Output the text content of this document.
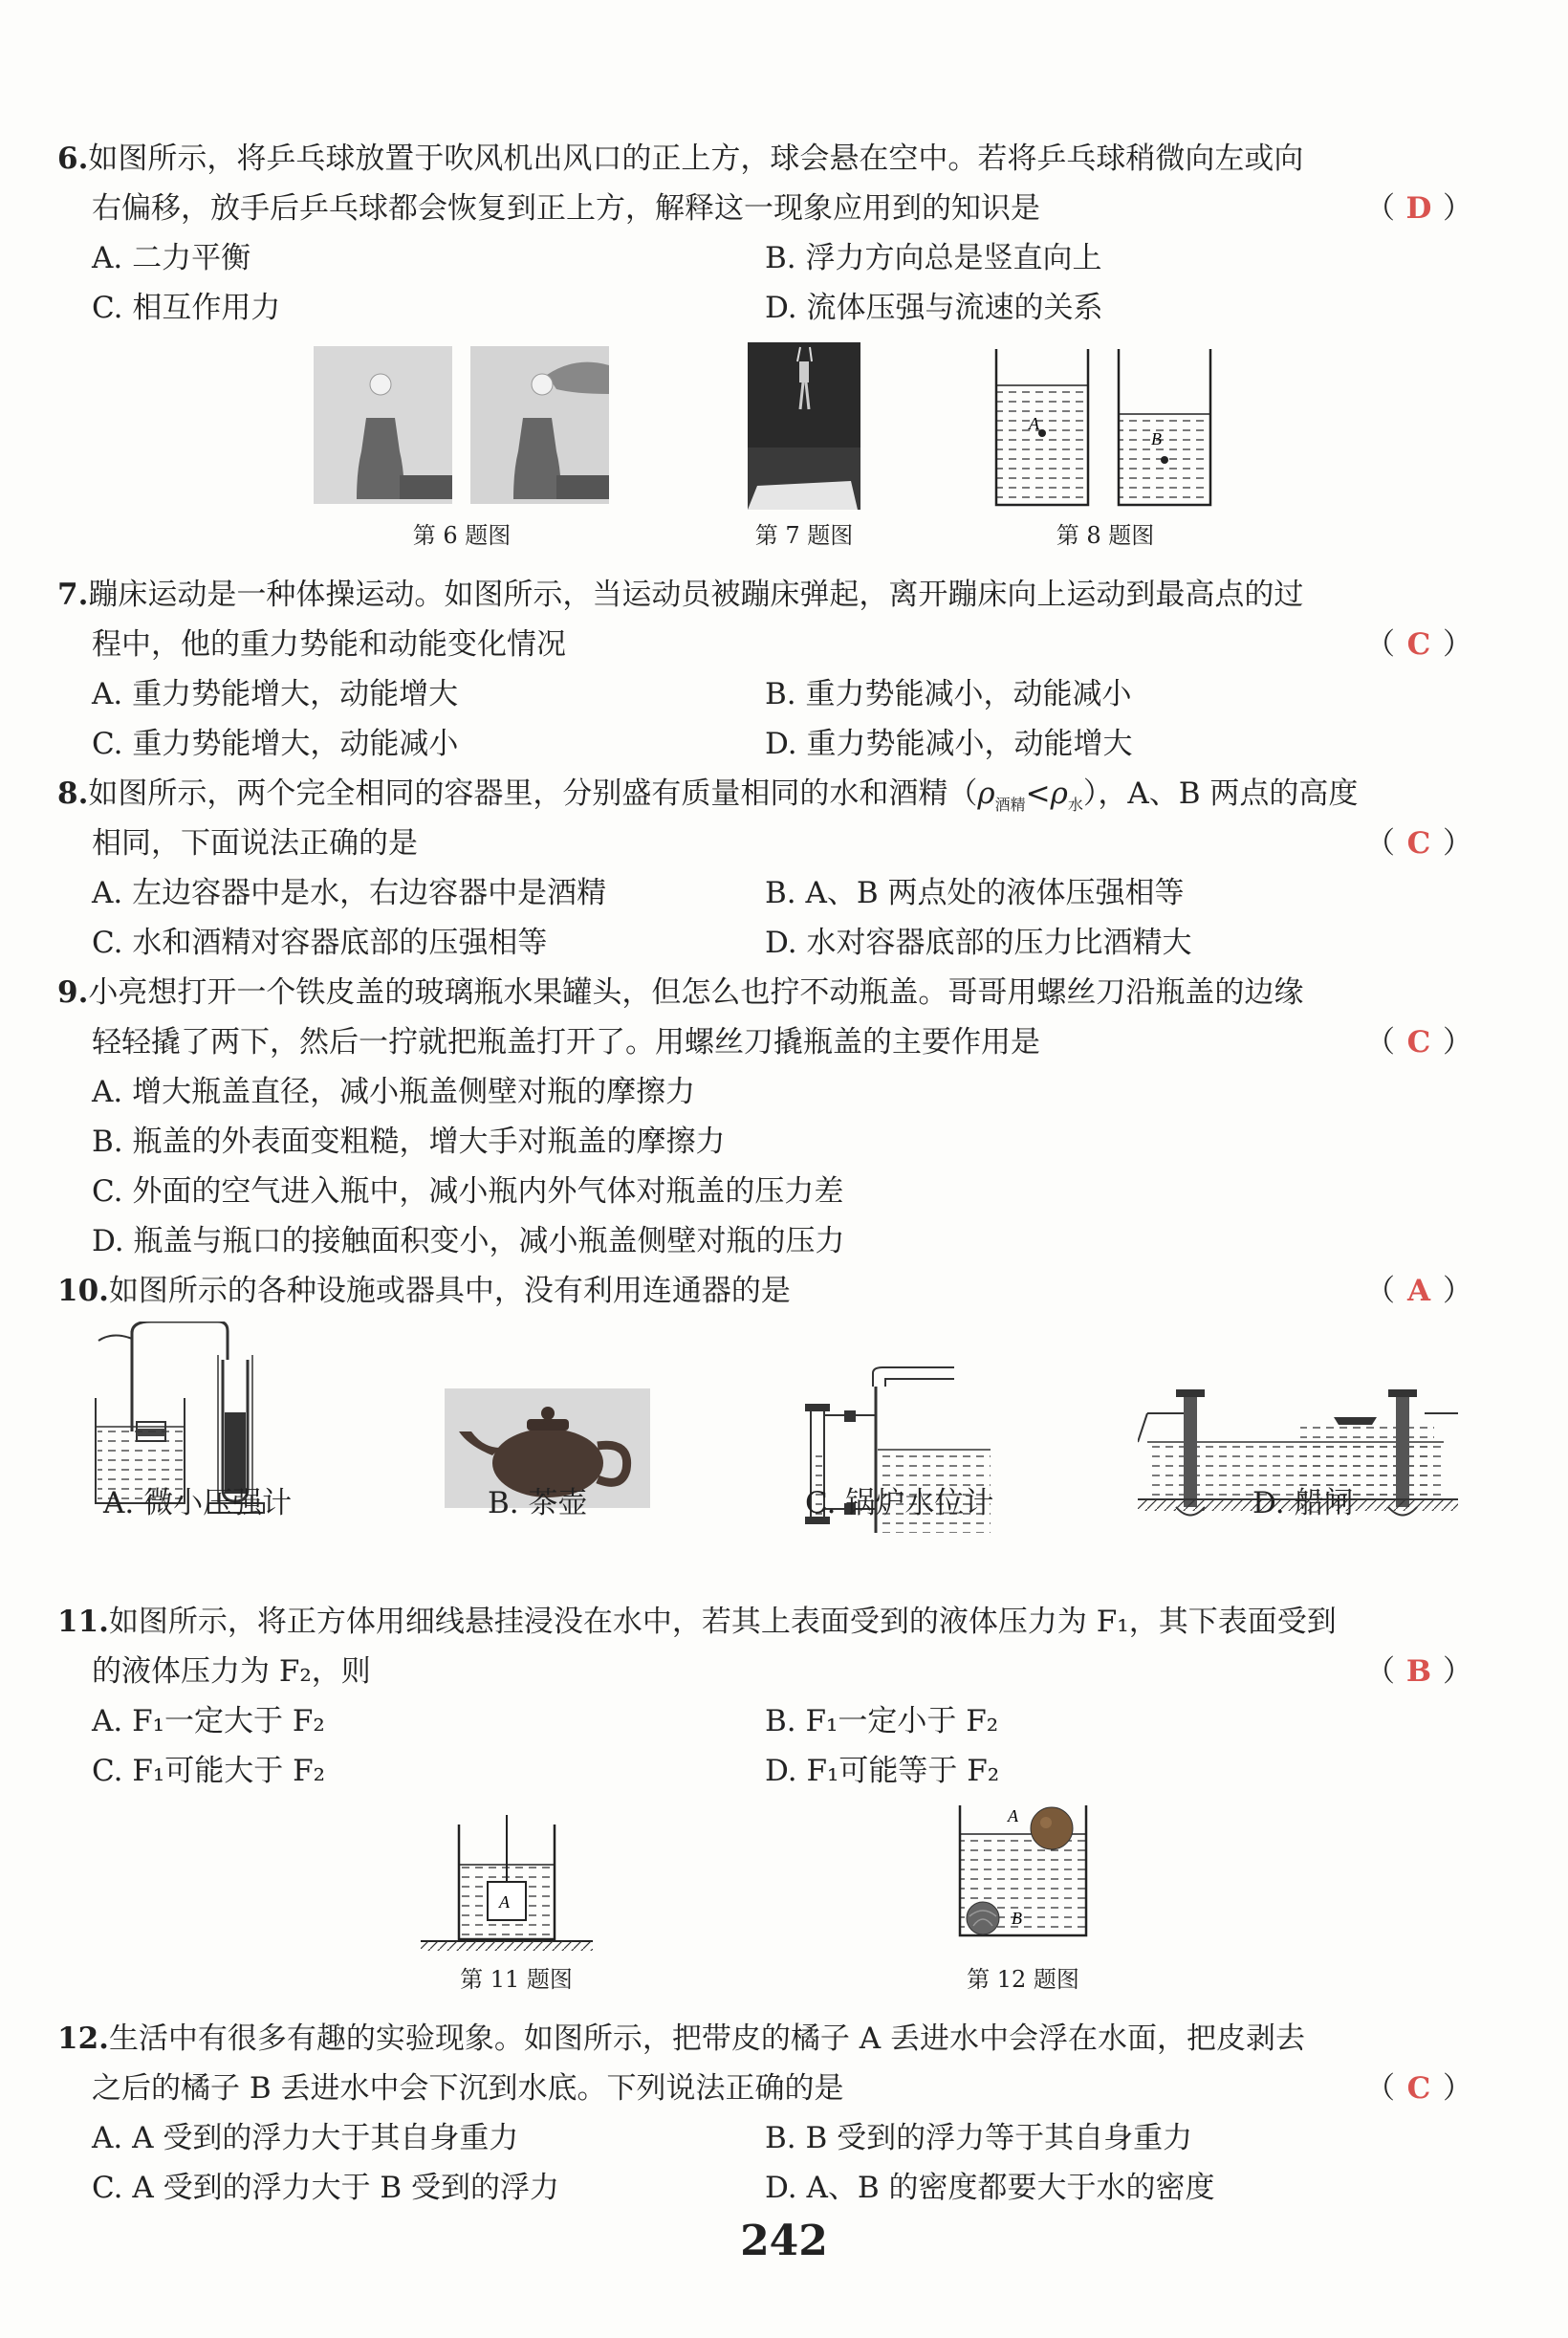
6.如图所示，将乒乓球放置于吹风机出风口的正上方，球会悬在空中。若将乒乓球稍微向左或向
右偏移，放手后乒乓球都会恢复到正上方，解释这一现象应用到的知识是	（ D ）
A. 二力平衡	B. 浮力方向总是竖直向上
C. 相互作用力	D. 流体压强与流速的关系
第 6 题图	第 7 题图
A
B
第 8 题图
7.蹦床运动是一种体操运动。如图所示，当运动员被蹦床弹起，离开蹦床向上运动到最高点的过
程中，他的重力势能和动能变化情况	（ C ）
A. 重力势能增大，动能增大	B. 重力势能减小，动能减小
C. 重力势能增大，动能减小	D. 重力势能减小，动能增大
8.如图所示，两个完全相同的容器里，分别盛有质量相同的水和酒精$(\rho_{酒精}<\rho_水)$，A、B 两点的高度
相同，下面说法正确的是	（ C ）
A. 左边容器中是水，右边容器中是酒精	B. A、B 两点处的液体压强相等
C. 水和酒精对容器底部的压强相等	D. 水对容器底部的压力比酒精大
9.小亮想打开一个铁皮盖的玻璃瓶水果罐头，但怎么也拧不动瓶盖。哥哥用螺丝刀沿瓶盖的边缘
轻轻撬了两下，然后一拧就把瓶盖打开了。用螺丝刀撬瓶盖的主要作用是	（ C ）
A. 增大瓶盖直径，减小瓶盖侧壁对瓶的摩擦力
B. 瓶盖的外表面变粗糙，增大手对瓶盖的摩擦力
C. 外面的空气进入瓶中，减小瓶内外气体对瓶盖的压力差
D. 瓶盖与瓶口的接触面积变小，减小瓶盖侧壁对瓶的压力
10.如图所示的各种设施或器具中，没有利用连通器的是	（ A ）
A. 微小压强计	B. 茶壶	C. 锅炉水位计	D. 船闸
11.如图所示，将正方体用细线悬挂浸没在水中，若其上表面受到的液体压力为 F₁，其下表面受到
的液体压力为 F₂，则	（ B ）
A. F₁一定大于 F₂	B. F₁一定小于 F₂
C. F₁可能大于 F₂	D. F₁可能等于 F₂
A
第 11 题图
A
B
第 12 题图
12.生活中有很多有趣的实验现象。如图所示，把带皮的橘子 A 丢进水中会浮在水面，把皮剥去
之后的橘子 B 丢进水中会下沉到水底。下列说法正确的是	（ C ）
A. A 受到的浮力大于其自身重力	B. B 受到的浮力等于其自身重力
C. A 受到的浮力大于 B 受到的浮力	D. A、B 的密度都要大于水的密度
242
